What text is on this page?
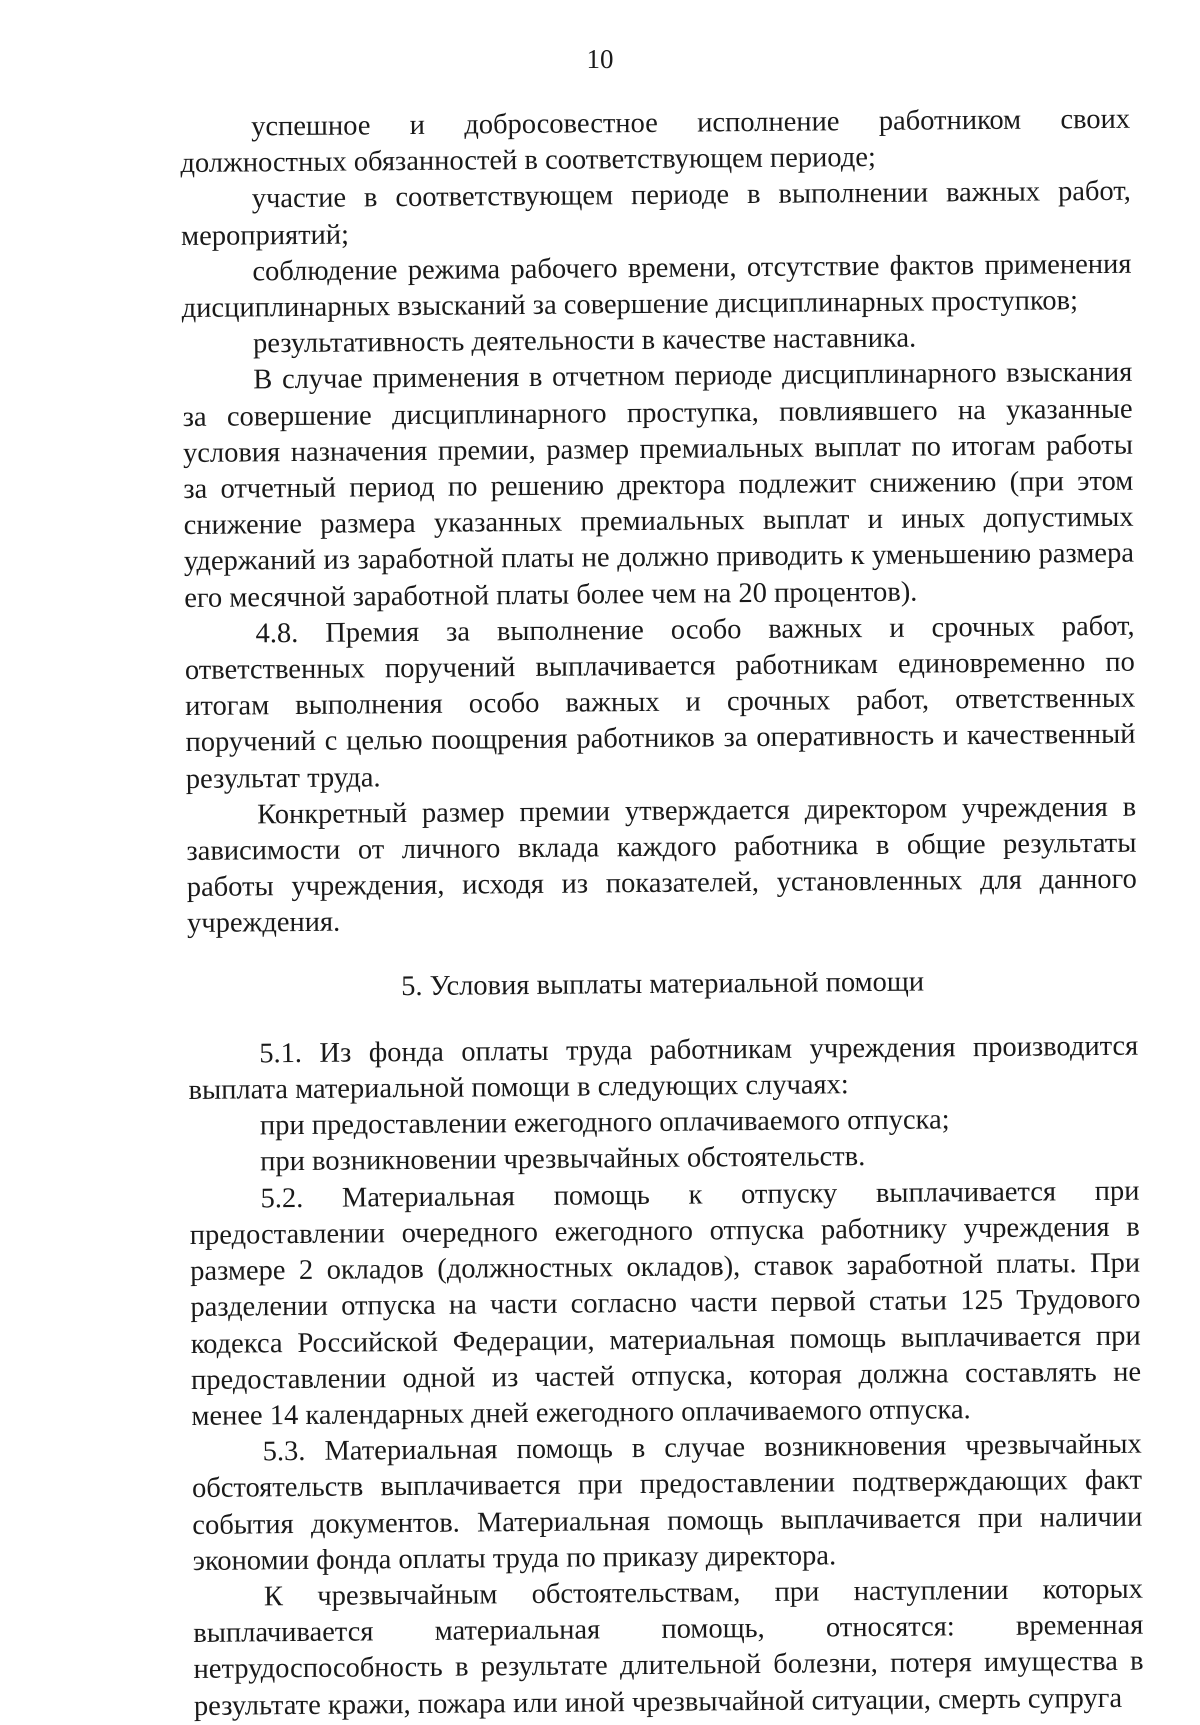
10

успешное и добросовестное исполнение работником своих должностных обязанностей в соответствующем периоде;

участие в соответствующем периоде в выполнении важных работ, мероприятий;

соблюдение режима рабочего времени, отсутствие фактов применения дисциплинарных взысканий за совершение дисциплинарных проступков;

результативность деятельности в качестве наставника.

В случае применения в отчетном периоде дисциплинарного взыскания за совершение дисциплинарного проступка, повлиявшего на указанные условия назначения премии, размер премиальных выплат по итогам работы за отчетный период по решению дректора подлежит снижению (при этом снижение размера указанных премиальных выплат и иных допустимых удержаний из заработной платы не должно приводить к уменьшению размера его месячной заработной платы более чем на 20 процентов).

4.8. Премия за выполнение особо важных и срочных работ, ответственных поручений выплачивается работникам единовременно по итогам выполнения особо важных и срочных работ, ответственных поручений с целью поощрения работников за оперативность и качественный результат труда.

Конкретный размер премии утверждается директором учреждения в зависимости от личного вклада каждого работника в общие результаты работы учреждения, исходя из показателей, установленных для данного учреждения.

5. Условия выплаты материальной помощи

5.1. Из фонда оплаты труда работникам учреждения производится выплата материальной помощи в следующих случаях:

при предоставлении ежегодного оплачиваемого отпуска;

при возникновении чрезвычайных обстоятельств.

5.2. Материальная помощь к отпуску выплачивается при предоставлении очередного ежегодного отпуска работнику учреждения в размере 2 окладов (должностных окладов), ставок заработной платы. При разделении отпуска на части согласно части первой статьи 125 Трудового кодекса Российской Федерации, материальная помощь выплачивается при предоставлении одной из частей отпуска, которая должна составлять не менее 14 календарных дней ежегодного оплачиваемого отпуска.

5.3. Материальная помощь в случае возникновения чрезвычайных обстоятельств выплачивается при предоставлении подтверждающих факт события документов. Материальная помощь выплачивается при наличии экономии фонда оплаты труда по приказу директора.

К чрезвычайным обстоятельствам, при наступлении которых выплачивается материальная помощь, относятся: временная нетрудоспособность в результате длительной болезни, потеря имущества в результате кражи, пожара или иной чрезвычайной ситуации, смерть супруга
